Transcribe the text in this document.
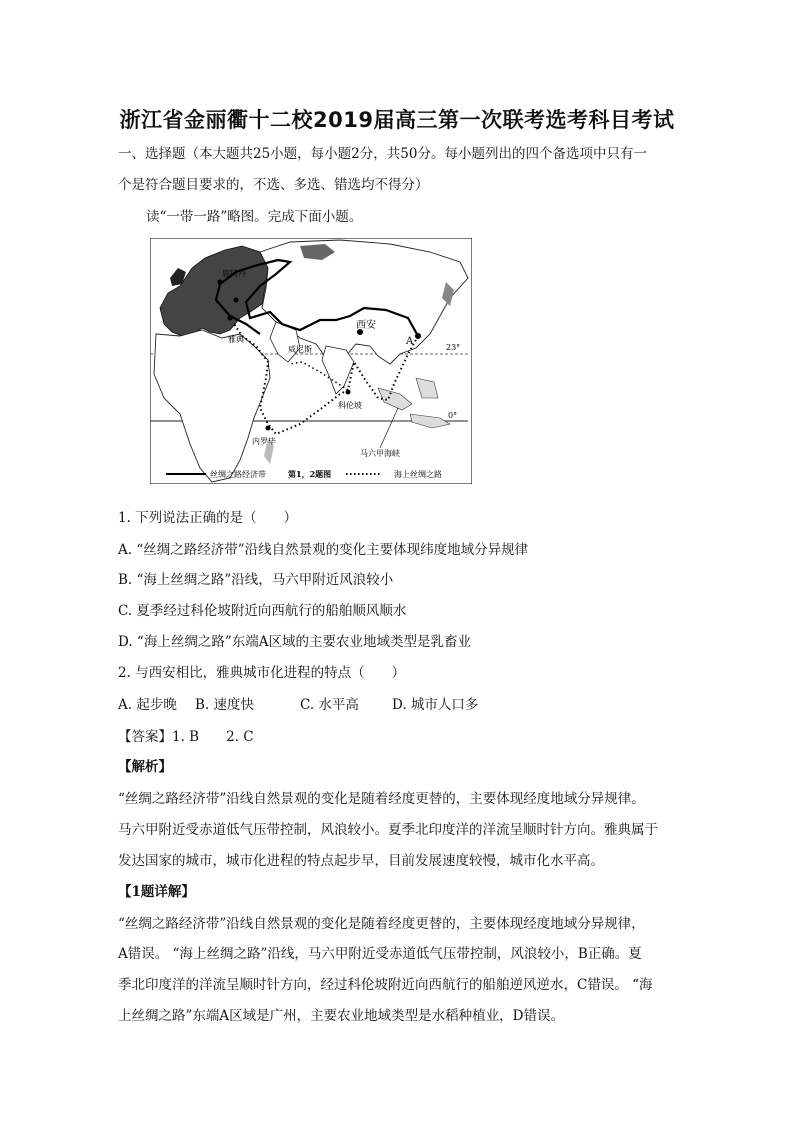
浙江省金丽衢十二校2019届高三第一次联考选考科目考试
一、选择题（本大题共25小题，每小题2分，共50分。每小题列出的四个备选项中只有一
个是符合题目要求的，不选、多选、错选均不得分）
读“一带一路”略图。完成下面小题。
西安
A
雅典
鹿特丹
威尼斯
科伦坡
内罗毕
马六甲海峡
23°
0°
丝绸之路经济带	第1，2题图	海上丝绸之路
1. 下列说法正确的是（　　）
A. “丝绸之路经济带”沿线自然景观的变化主要体现纬度地域分异规律
B. “海上丝绸之路”沿线，马六甲附近风浪较小
C. 夏季经过科伦坡附近向西航行的船舶顺风顺水
D. “海上丝绸之路”东端A区域的主要农业地域类型是乳畜业
2. 与西安相比，雅典城市化进程的特点（　　）
A. 起步晚 B. 速度快	C. 水平高 D. 城市人口多
【答案】1. B　　2. C
【解析】
“丝绸之路经济带”沿线自然景观的变化是随着经度更替的，主要体现经度地域分异规律。
马六甲附近受赤道低气压带控制，风浪较小。夏季北印度洋的洋流呈顺时针方向。雅典属于
发达国家的城市，城市化进程的特点起步早，目前发展速度较慢，城市化水平高。
【1题详解】
“丝绸之路经济带”沿线自然景观的变化是随着经度更替的，主要体现经度地域分异规律，
A错误。 “海上丝绸之路”沿线，马六甲附近受赤道低气压带控制，风浪较小，B正确。夏
季北印度洋的洋流呈顺时针方向，经过科伦坡附近向西航行的船舶逆风逆水，C错误。 “海
上丝绸之路”东端A区域是广州，主要农业地域类型是水稻种植业，D错误。
